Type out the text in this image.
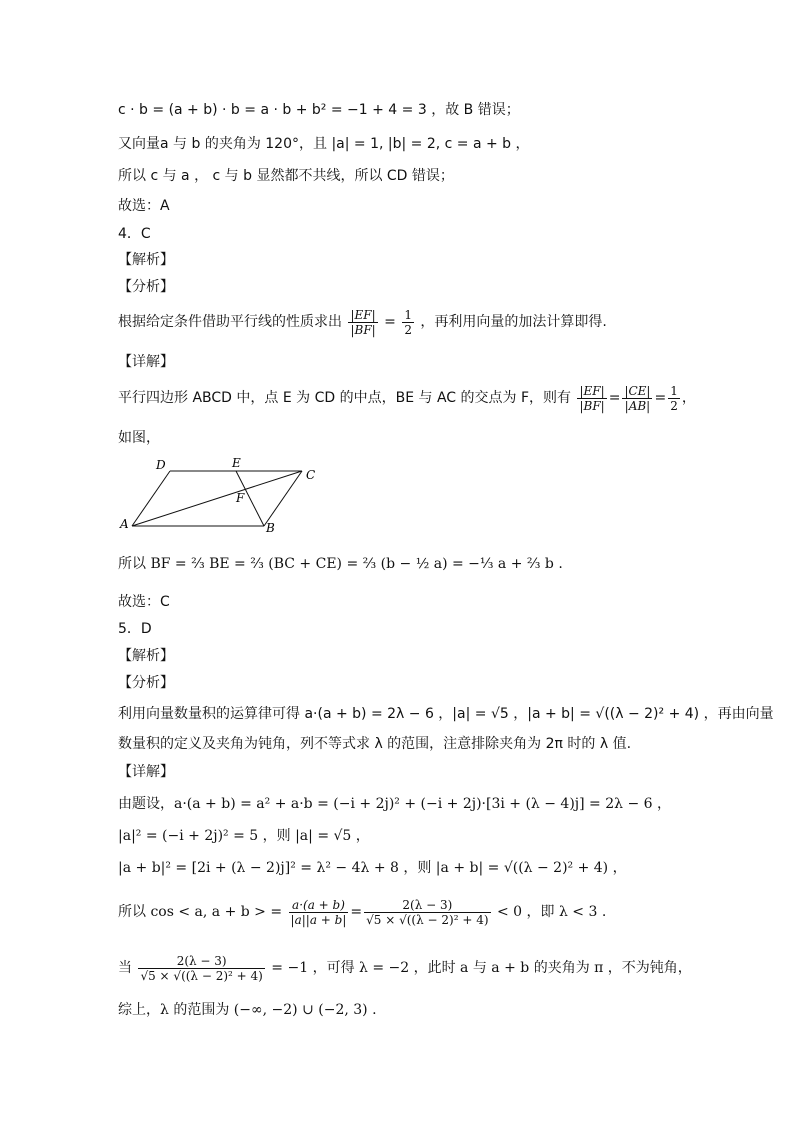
c · b = (a + b) · b = a · b + b² = −1 + 4 = 3 ，故 B 错误；
又向量a 与 b 的夹角为 120°，且 |a| = 1, |b| = 2, c = a + b ，
所以 c 与 a ， c 与 b 显然都不共线，所以 CD 错误；
故选：A
4．C
【解析】
【分析】
根据给定条件借助平行线的性质求出 $\frac{|EF|}{|BF|} = \frac{1}{2}$ ，再利用向量的加法计算即得.
【详解】
平行四边形 ABCD 中，点 E 为 CD 的中点，BE 与 AC 的交点为 F，则有 $\frac{|EF|}{|BF|} = \frac{|CE|}{|AB|} = \frac{1}{2}$ ，
如图，
D	E
C
F
A	B
所以 BF = ⅔ BE = ⅔ (BC + CE) = ⅔ (b − ½ a) = −⅓ a + ⅔ b .
故选：C
5．D
【解析】
【分析】
利用向量数量积的运算律可得 a·(a + b) = 2λ − 6 ，|a| = √5 ，|a + b| = √((λ − 2)² + 4) ，再由向量
数量积的定义及夹角为钝角，列不等式求 λ 的范围，注意排除夹角为 2π 时的 λ 值.
【详解】
由题设，a·(a + b) = a² + a·b = (−i + 2j)² + (−i + 2j)·[3i + (λ − 4)j] = 2λ − 6 ，
|a|² = (−i + 2j)² = 5 ，则 |a| = √5 ，
|a + b|² = [2i + (λ − 2)j]² = λ² − 4λ + 8 ，则 |a + b| = √((λ − 2)² + 4) ，
所以 cos < a, a + b > = $\frac{a\cdot(a + b)}{|a||a + b|} = \frac{2(\lambda - 3)}{\text{√5 × √((λ − 2)² + 4)}} < 0$ ，即 λ < 3 .
当 $\frac{2(\lambda - 3)}{\text{√5 × √((λ − 2)² + 4)}} = -1$ ，可得 λ = −2 ，此时 a 与 a + b 的夹角为 π ，不为钝角，
综上，λ 的范围为 (−∞, −2) ∪ (−2, 3) .
